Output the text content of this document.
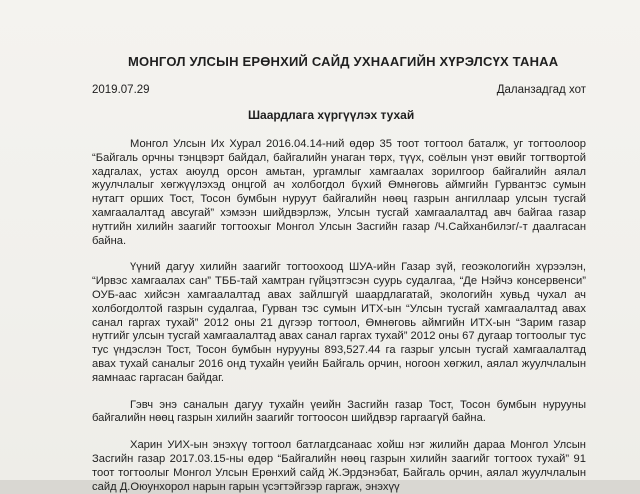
МОНГОЛ УЛСЫН ЕРӨНХИЙ САЙД УХНААГИЙН ХҮРЭЛСҮХ ТАНАА
2019.07.29	Даланзадгад хот
Шаардлага хүргүүлэх тухай

Монгол Улсын Их Хурал 2016.04.14-ний өдөр 35 тоот тогтоол баталж, уг тогтоолоор “Байгаль орчны тэнцвэрт байдал, байгалийн унаган төрх, түүх, соёлын үнэт өвийг тогтвортой хадгалах, устах аюулд орсон амьтан, ургамлыг хамгаалах зорилгоор байгалийн аялал жуулчлалыг хөгжүүлэхэд онцгой ач холбогдол бүхий Өмнөговь аймгийн Гурвантэс сумын нутагт орших Тост, Тосон бумбын нуруут байгалийн нөөц газрын ангиллаар улсын тусгай хамгаалалтад авсугай” хэмээн шийдвэрлэж, Улсын тусгай хамгаалалтад авч байгаа газар нутгийн хилийн заагийг тогтоохыг Монгол Улсын Засгийн газар /Ч.Сайханбилэг/-т даалгасан байна.

Үүний дагуу хилийн заагийг тогтоохоод ШУА-ийн Газар зүй, геоэкологийн хүрээлэн, “Ирвэс хамгаалах сан” ТББ-тай хамтран гүйцэтгэсэн суурь судалгаа, “Де Нэйчэ консервенси” ОУБ-аас хийсэн хамгаалалтад авах зайлшгүй шаардлагатай, экологийн хувьд чухал ач холбогдолтой газрын судалгаа, Гурван тэс сумын ИТХ-ын “Улсын тусгай хамгаалалтад авах санал гаргах тухай” 2012 оны 21 дүгээр тогтоол, Өмнөговь аймгийн ИТХ-ын “Зарим газар нутгийг улсын тусгай хамгаалалтад авах санал гаргах тухай” 2012 оны 67 дугаар тогтоолыг тус тус үндэслэн Тост, Тосон бумбын нурууны 893,527.44 га газрыг улсын тусгай хамгаалалтад авах тухай саналыг 2016 онд тухайн үеийн Байгаль орчин, ногоон хөгжил, аялал жуулчлалын яамнаас гаргасан байдаг.

Гэвч энэ саналын дагуу тухайн үеийн Засгийн газар Тост, Тосон бумбын нурууны байгалийн нөөц газрын хилийн заагийг тогтоосон шийдвэр гаргаагүй байна.

Харин УИХ-ын энэхүү тогтоол батлагдсанаас хойш нэг жилийн дараа Монгол Улсын Засгийн газар 2017.03.15-ны өдөр “Байгалийн нөөц газрын хилийн заагийг тогтоох тухай” 91 тоот тогтоолыг Монгол Улсын Ерөнхий сайд Ж.Эрдэнэбат, Байгаль орчин, аялал жуулчлалын сайд Д.Оюунхорол нарын гарын үсэгтэйгээр гаргаж, энэхүү
